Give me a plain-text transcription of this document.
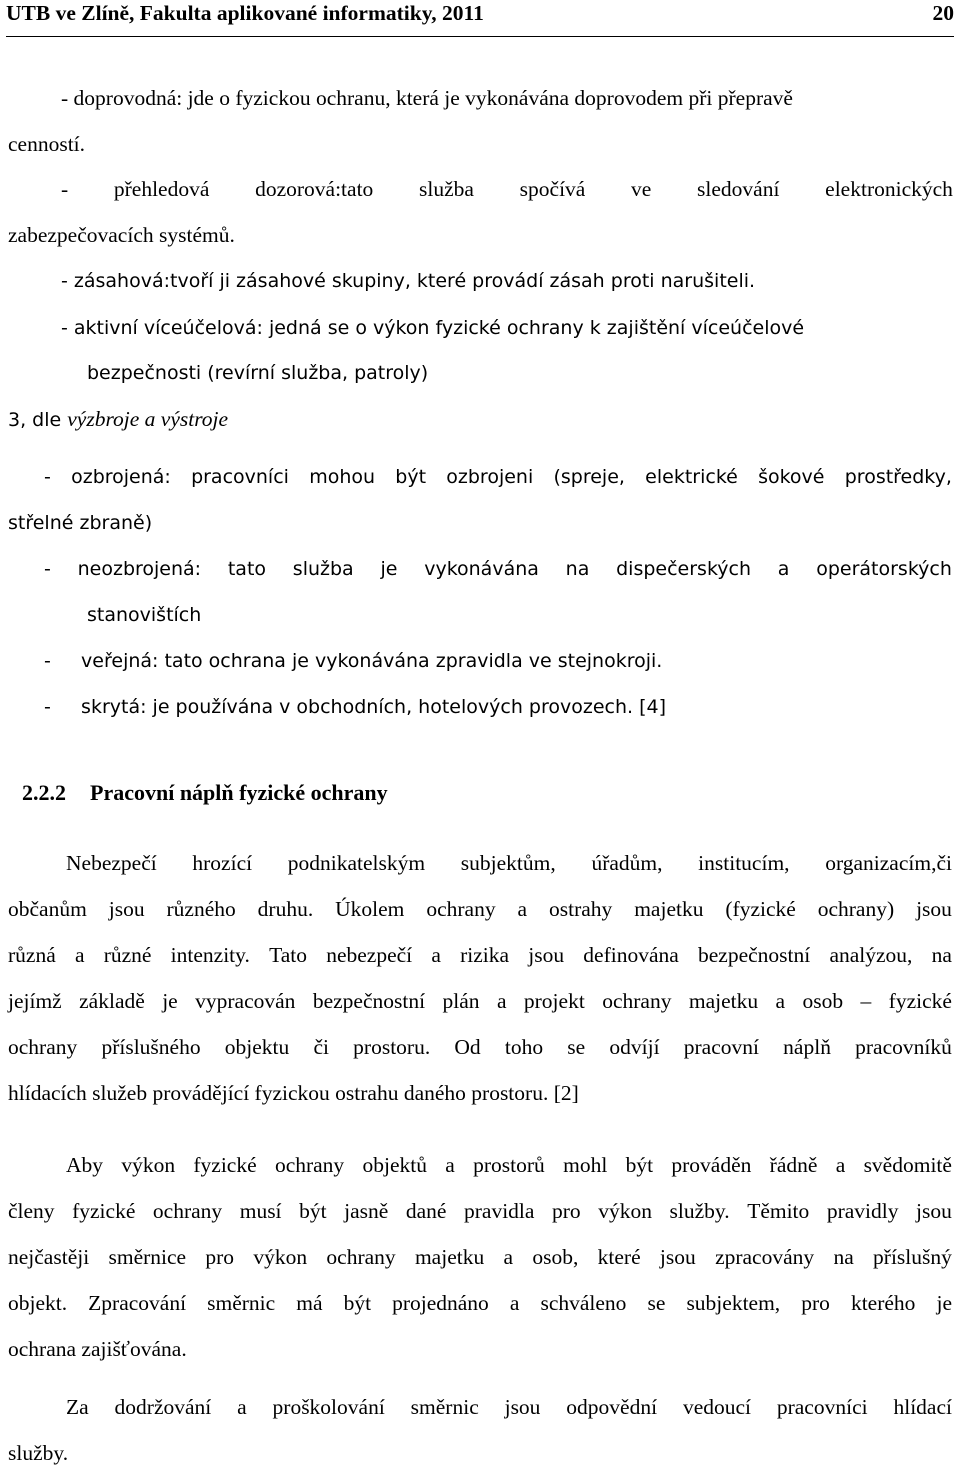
UTB ve Zlíně, Fakulta aplikované informatiky, 2011	20
- doprovodná: jde o fyzickou ochranu, která je vykonávána doprovodem při přepravě
cenností.
- přehledová dozorová:tato služba spočívá ve sledování elektronických
zabezpečovacích systémů.
- zásahová:tvoří ji zásahové skupiny, které provádí zásah proti narušiteli.
- aktivní víceúčelová: jedná se o výkon fyzické ochrany k zajištění víceúčelové
bezpečnosti (revírní služba, patroly)
3, dle výzbroje a výstroje
- ozbrojená: pracovníci mohou být ozbrojeni (spreje, elektrické šokové prostředky,
střelné zbraně)
- neozbrojená: tato služba je vykonávána na dispečerských a operátorských
stanovištích
-     veřejná: tato ochrana je vykonávána zpravidla ve stejnokroji.
-     skrytá: je používána v obchodních, hotelových provozech. [4]
2.2.2 Pracovní náplň fyzické ochrany
Nebezpečí hrozící podnikatelským subjektům, úřadům, institucím, organizacím,či
občanům jsou různého druhu. Úkolem ochrany a ostrahy majetku (fyzické ochrany) jsou
různá a různé intenzity. Tato nebezpečí a rizika jsou definována bezpečnostní analýzou, na
jejímž základě je vypracován bezpečnostní plán a projekt ochrany majetku a osob – fyzické
ochrany příslušného objektu či prostoru. Od toho se odvíjí pracovní náplň pracovníků
hlídacích služeb provádějící fyzickou ostrahu daného prostoru. [2]
Aby výkon fyzické ochrany objektů a prostorů mohl být prováděn řádně a svědomitě
členy fyzické ochrany musí být jasně dané pravidla pro výkon služby. Těmito pravidly jsou
nejčastěji směrnice pro výkon ochrany majetku a osob, které jsou zpracovány na příslušný
objekt. Zpracování směrnic má být projednáno a schváleno se subjektem, pro kterého je
ochrana zajišťována.
Za dodržování a proškolování směrnic jsou odpovědní vedoucí pracovníci hlídací
služby.
